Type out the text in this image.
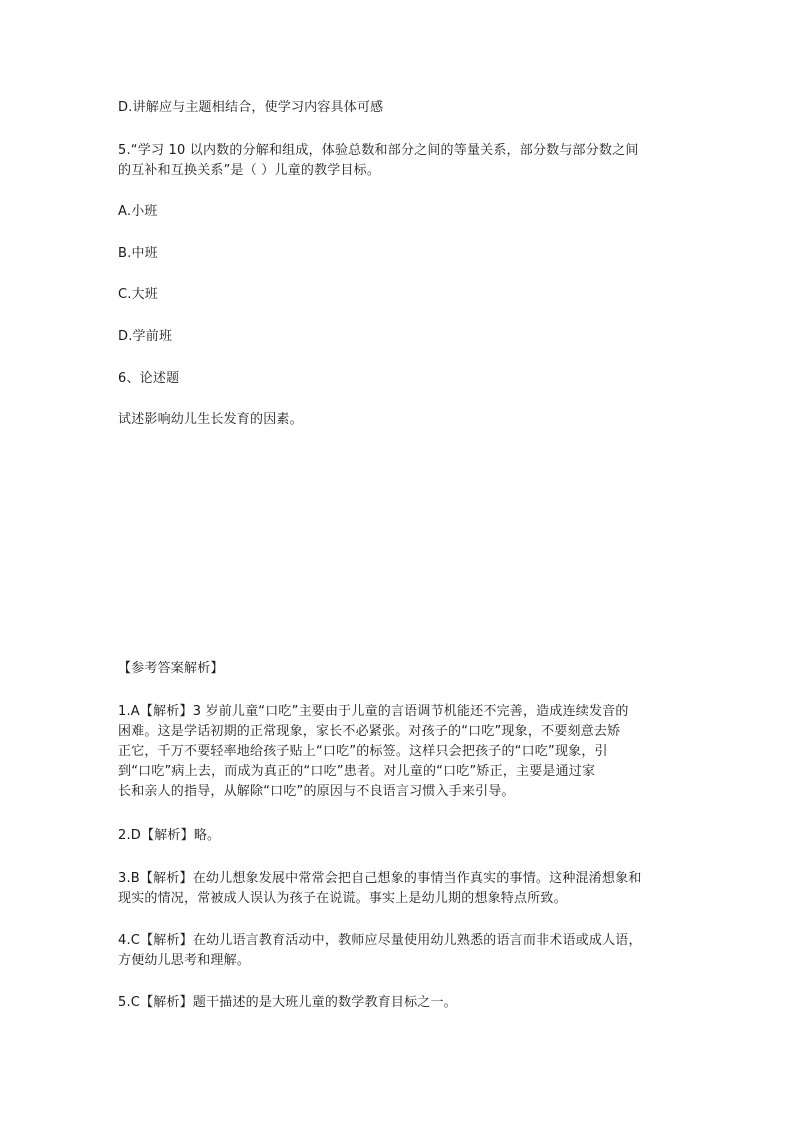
D.讲解应与主题相结合，使学习内容具体可感
5.“学习 10 以内数的分解和组成，体验总数和部分之间的等量关系，部分数与部分数之间
的互补和互换关系”是（ ）儿童的教学目标。
A.小班
B.中班
C.大班
D.学前班
6、论述题
试述影响幼儿生长发育的因素。
【参考答案解析】
1.A【解析】3 岁前儿童“口吃”主要由于儿童的言语调节机能还不完善，造成连续发音的
困难。这是学话初期的正常现象，家长不必紧张。对孩子的“口吃”现象，不要刻意去矫
正它，千万不要轻率地给孩子贴上“口吃”的标签。这样只会把孩子的“口吃”现象，引
到“口吃”病上去，而成为真正的“口吃”患者。对儿童的“口吃”矫正，主要是通过家
长和亲人的指导，从解除“口吃”的原因与不良语言习惯入手来引导。
2.D【解析】略。
3.B【解析】在幼儿想象发展中常常会把自己想象的事情当作真实的事情。这种混淆想象和
现实的情况，常被成人误认为孩子在说谎。事实上是幼儿期的想象特点所致。
4.C【解析】在幼儿语言教育活动中，教师应尽量使用幼儿熟悉的语言而非术语或成人语，
方便幼儿思考和理解。
5.C【解析】题干描述的是大班儿童的数学教育目标之一。
